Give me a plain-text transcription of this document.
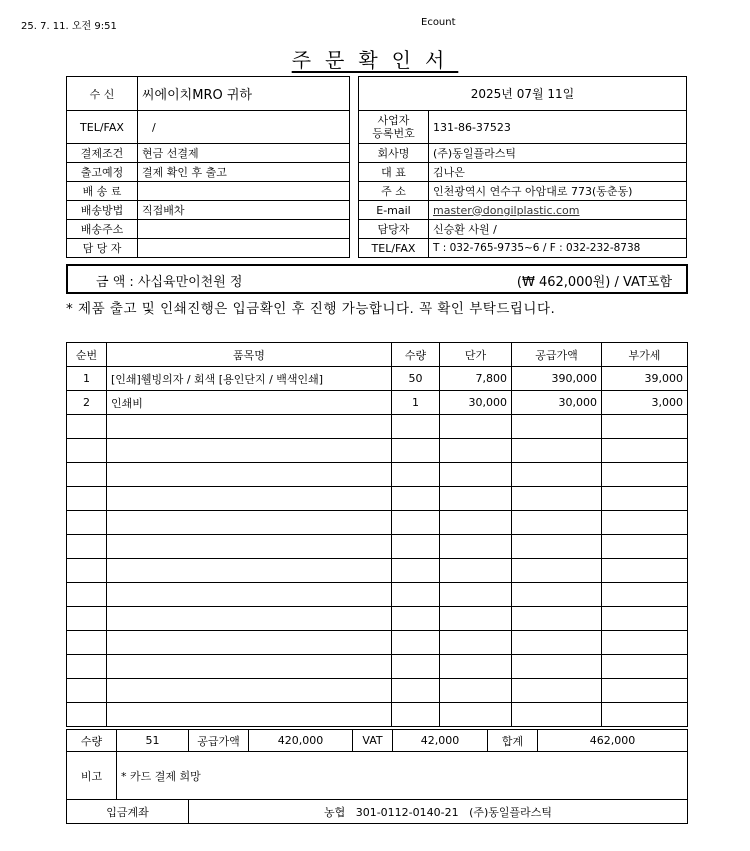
25. 7. 11. 오전 9:51	Ecount
주문확인서
수 신	씨에이치MRO 귀하
TEL/FAX	/
결제조건	현금 선결제
출고예정	결제 확인 후 출고
배 송 료	
배송방법	직접배차
배송주소	
담 당 자	
2025년 07월 11일	
사업자
등록번호	131-86-37523
회사명	(주)동일플라스틱
대 표	김나은
주 소	인천광역시 연수구 아암대로 773(동춘동)
E-mail	master@dongilplastic.com
담당자	신승환 사원 /
TEL/FAX	T : 032-765-9735~6 / F : 032-232-8738
금 액 : 사십육만이천원 정	(₩ 462,000원) / VAT포함
* 제품 출고 및 인쇄진행은 입금확인 후 진행 가능합니다. 꼭 확인 부탁드립니다.
순번	품목명	수량	단가	공급가액	부가세
1	[인쇄]웰빙의자 / 회색 [용인단지 / 백색인쇄]	50	7,800	390,000	39,000
2	인쇄비	1	30,000	30,000	3,000

수량	51	공급가액	420,000	VAT	42,000	합계	462,000
비고	* 카드 결제 희망						
입금계좌		농협   301-0112-0140-21   (주)동일플라스틱					
